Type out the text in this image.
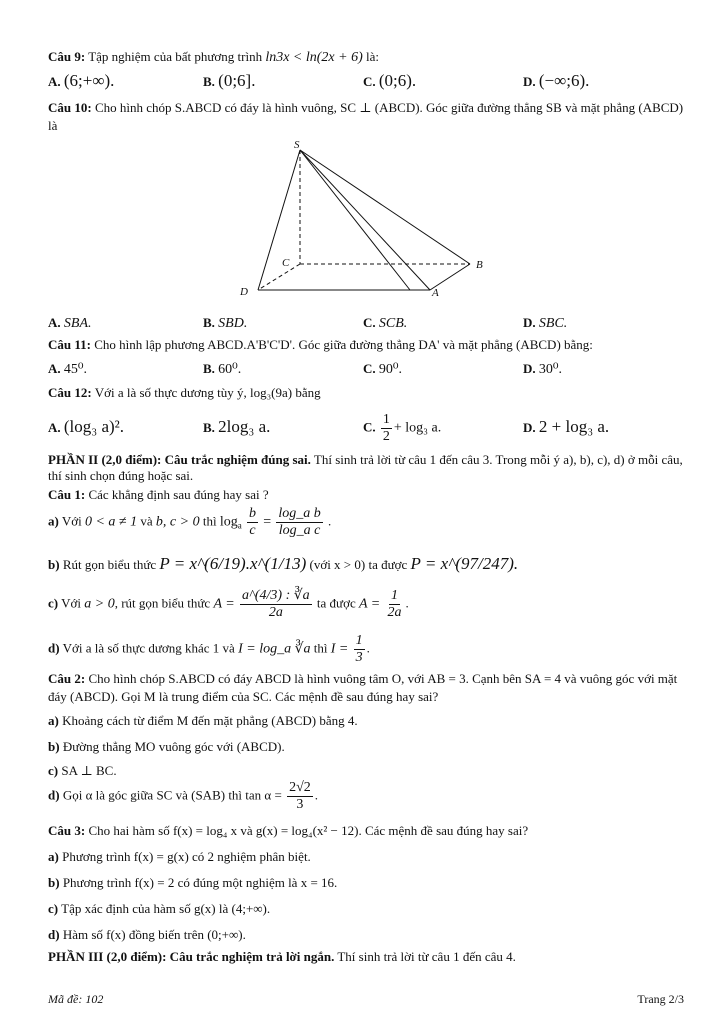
Câu 9: Tập nghiệm của bất phương trình ln3x < ln(2x + 6) là:
A. (6;+∞).	B. (0;6].	C. (0;6).	D. (−∞;6).
Câu 10: Cho hình chóp S.ABCD có đáy là hình vuông, SC ⊥ (ABCD). Góc giữa đường thẳng SB và mặt phẳng (ABCD) là
S
B
C
D	A
A. SBA.	B. SBD.	C. SCB.	D. SBC.
Câu 11: Cho hình lập phương ABCD.A'B'C'D'. Góc giữa đường thẳng DA' và mặt phẳng (ABCD) bằng:
A. 45⁰.	B. 60⁰.	C. 90⁰.	D. 30⁰.
Câu 12: Với a là số thực dương tùy ý, log₃(9a) bằng
A. (log₃ a)².	B. 2log₃ a.	C. $\frac{1}{2} + \log_3$ a.	D. 2 + log₃ a.
PHẦN II (2,0 điểm): Câu trắc nghiệm đúng sai. Thí sinh trả lời từ câu 1 đến câu 3. Trong mỗi ý a), b), c), d) ở mỗi câu, thí sinh chọn đúng hoặc sai.
Câu 1: Các khẳng định sau đúng hay sai ?
a) Với 0 < a ≠ 1 và b, c > 0 thì $\log_a \frac{b}{c} = \frac{\text{log\_a b}}{\text{log\_a c}}$ .
b) Rút gọn biểu thức P = x^(6/19).x^(1/13) (với x > 0) ta được P = x^(97/247).
c) Với a > 0, rút gọn biểu thức $A = \frac{a\^{}(4/3) : ∛a}{2a}$ ta được $A = \frac{1}{2a}$ .
d) Với a là số thực dương khác 1 và I = log_a ∛a thì $I = \frac{1}{3}$ .
Câu 2: Cho hình chóp S.ABCD có đáy ABCD là hình vuông tâm O, với AB = 3. Cạnh bên SA = 4 và vuông góc với mặt đáy (ABCD). Gọi M là trung điểm của SC. Các mệnh đề sau đúng hay sai?
a) Khoảng cách từ điểm M đến mặt phẳng (ABCD) bằng 4.
b) Đường thẳng MO vuông góc với (ABCD).
c) SA ⊥ BC.
d) Gọi α là góc giữa SC và (SAB) thì $\tan \alpha = \frac{2√2}{3}$ .
Câu 3: Cho hai hàm số f(x) = log₄ x và g(x) = log₄(x² − 12). Các mệnh đề sau đúng hay sai?
a) Phương trình f(x) = g(x) có 2 nghiệm phân biệt.
b) Phương trình f(x) = 2 có đúng một nghiệm là x = 16.
c) Tập xác định của hàm số g(x) là (4;+∞).
d) Hàm số f(x) đồng biến trên (0;+∞).
PHẦN III (2,0 điểm): Câu trắc nghiệm trả lời ngắn. Thí sinh trả lời từ câu 1 đến câu 4.
Mã đề: 102	Trang 2/3
